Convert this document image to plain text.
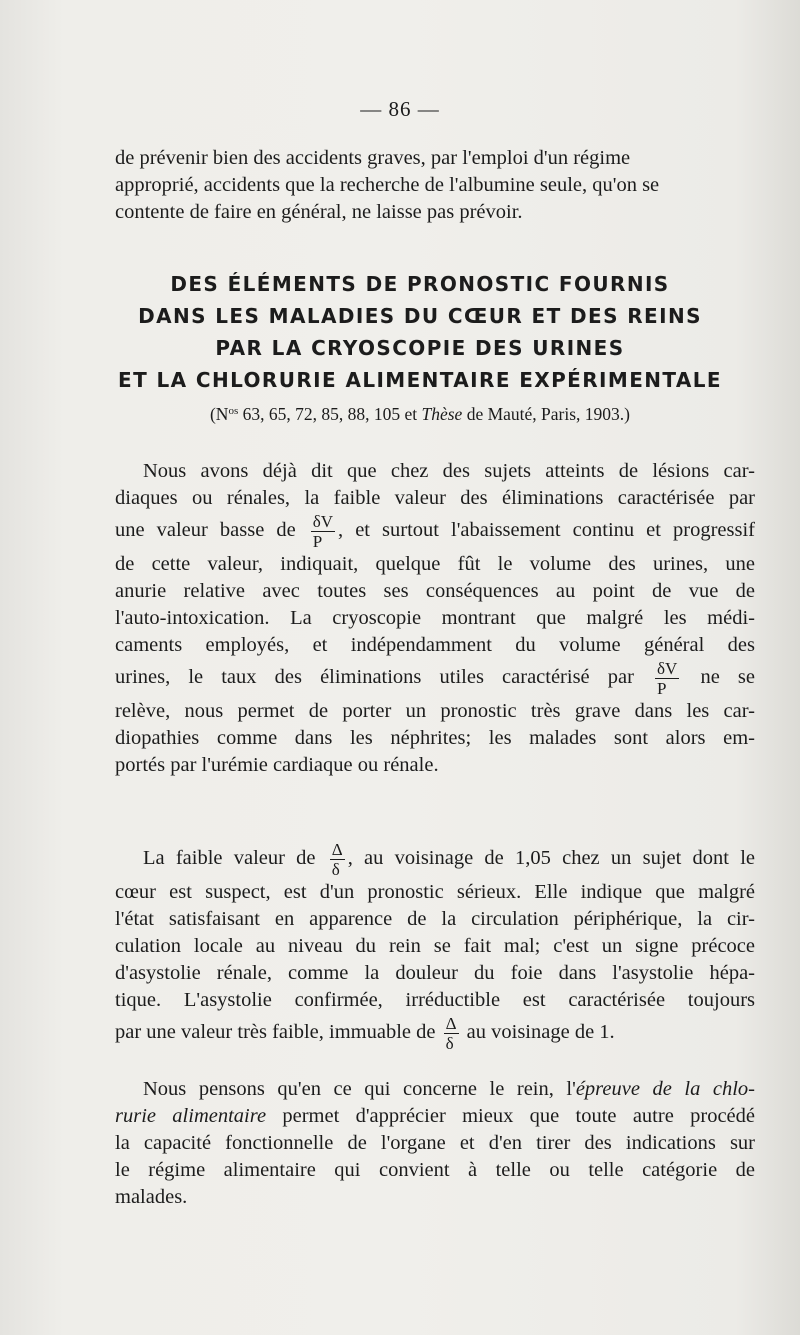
— 86 —
de prévenir bien des accidents graves, par l'emploi d'un régime
approprié, accidents que la recherche de l'albumine seule, qu'on se
contente de faire en général, ne laisse pas prévoir.
DES ÉLÉMENTS DE PRONOSTIC FOURNIS
DANS LES MALADIES DU CŒUR ET DES REINS
PAR LA CRYOSCOPIE DES URINES
ET LA CHLORURIE ALIMENTAIRE EXPÉRIMENTALE
($N^{os}$ 63, 65, 72, 85, 88, 105 et Thèse de Mauté, Paris, 1903.)
Nous avons déjà dit que chez des sujets atteints de lésions car-
diaques ou rénales, la faible valeur des éliminations caractérisée par
une valeur basse de $\frac{\delta V}{P}$ , et surtout l'abaissement continu et progressif
de cette valeur, indiquait, quelque fût le volume des urines, une
anurie relative avec toutes ses conséquences au point de vue de
l'auto-intoxication. La cryoscopie montrant que malgré les médi-
caments employés, et indépendamment du volume général des
urines, le taux des éliminations utiles caractérisé par $\frac{\delta V}{P}$ ne se
relève, nous permet de porter un pronostic très grave dans les car-
diopathies comme dans les néphrites; les malades sont alors em-
portés par l'urémie cardiaque ou rénale.
La faible valeur de $\frac{\Delta}{\delta}$ , au voisinage de 1,05 chez un sujet dont le
cœur est suspect, est d'un pronostic sérieux. Elle indique que malgré
l'état satisfaisant en apparence de la circulation périphérique, la cir-
culation locale au niveau du rein se fait mal; c'est un signe précoce
d'asystolie rénale, comme la douleur du foie dans l'asystolie hépa-
tique. L'asystolie confirmée, irréductible est caractérisée toujours
par une valeur très faible, immuable de $\frac{\Delta}{\delta}$ au voisinage de 1.
Nous pensons qu'en ce qui concerne le rein, l'épreuve de la chlo-
rurie alimentaire permet d'apprécier mieux que toute autre procédé
la capacité fonctionnelle de l'organe et d'en tirer des indications sur
le régime alimentaire qui convient à telle ou telle catégorie de
malades.
